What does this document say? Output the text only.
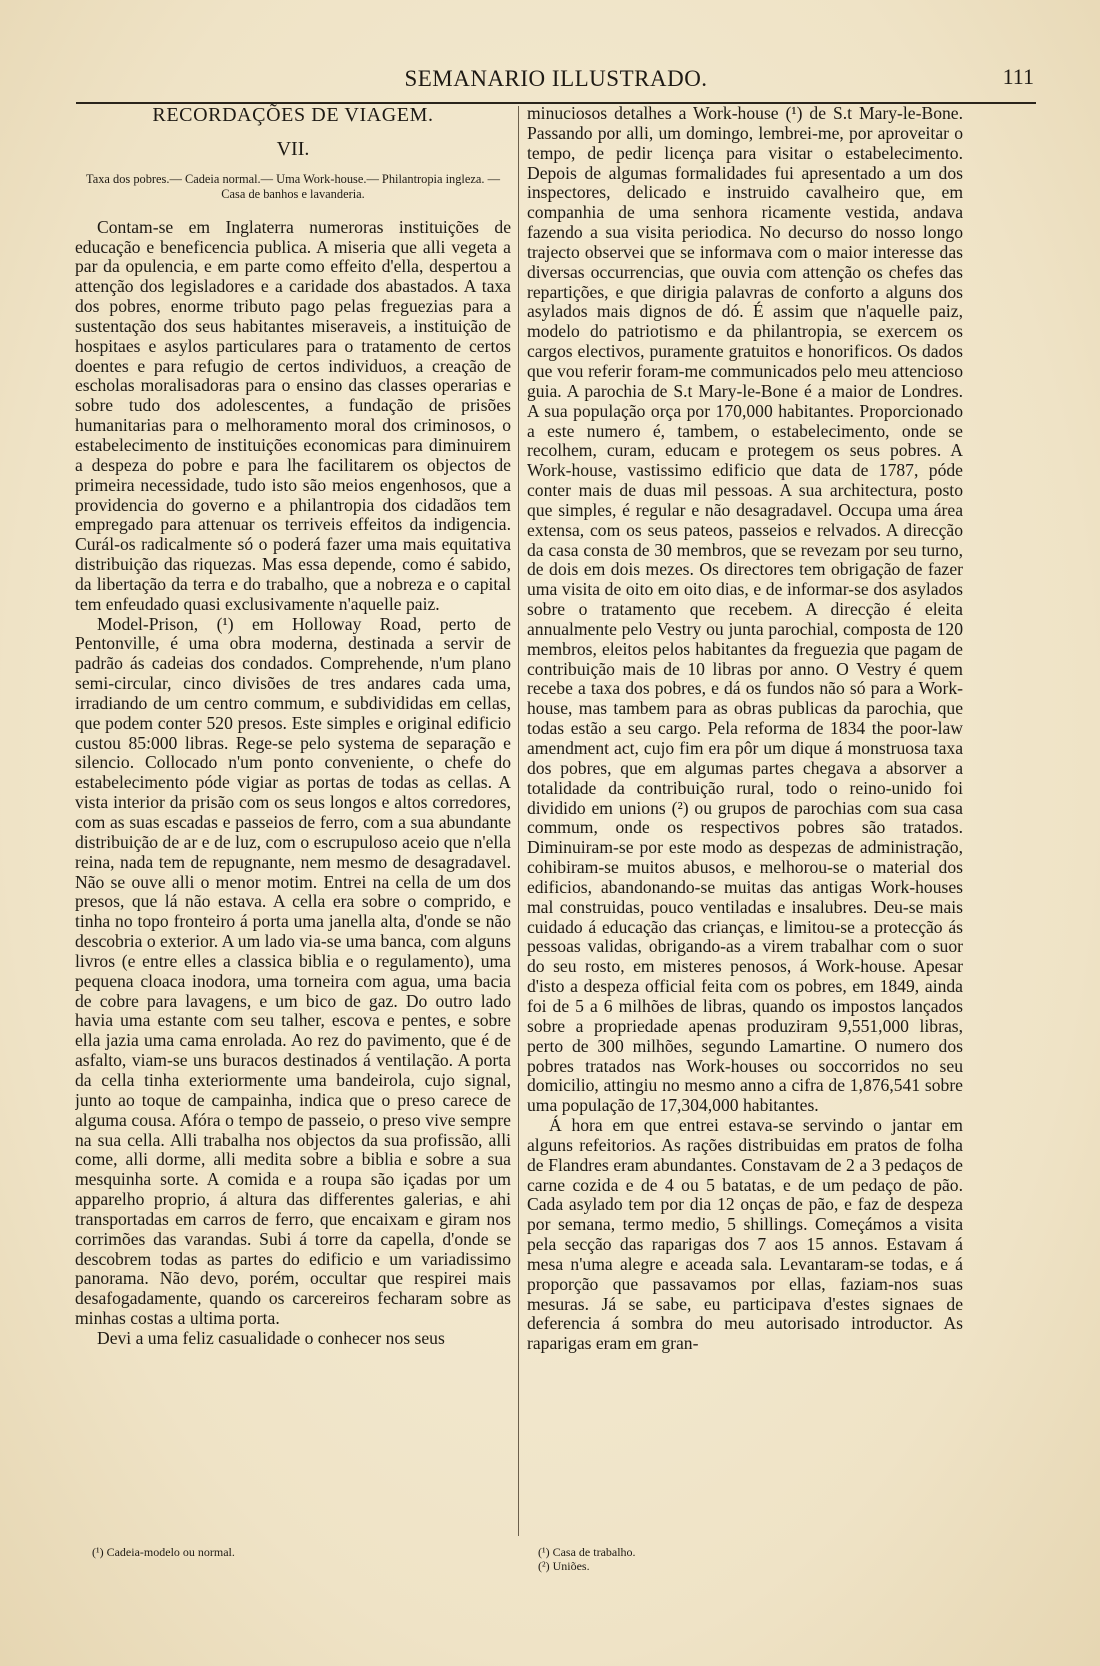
SEMANARIO ILLUSTRADO.	111
RECORDAÇÕES DE VIAGEM.
VII.
Taxa dos pobres.— Cadeia normal.— Uma Work-house.— Philantropia ingleza. — Casa de banhos e lavanderia.

Contam-se em Inglaterra numeroras instituições de educação e beneficencia publica. A miseria que alli vegeta a par da opulencia, e em parte como effeito d'ella, despertou a attenção dos legisladores e a caridade dos abastados. A taxa dos pobres, enorme tributo pago pelas freguezias para a sustentação dos seus habitantes miseraveis, a instituição de hospitaes e asylos particulares para o tratamento de certos doentes e para refugio de certos individuos, a creação de escholas moralisadoras para o ensino das classes operarias e sobre tudo dos adolescentes, a fundação de prisões humanitarias para o melhoramento moral dos criminosos, o estabelecimento de instituições economicas para diminuirem a despeza do pobre e para lhe facilitarem os objectos de primeira necessidade, tudo isto são meios engenhosos, que a providencia do governo e a philantropia dos cidadãos tem empregado para attenuar os terriveis effeitos da indigencia. Curál-os radicalmente só o poderá fazer uma mais equitativa distribuição das riquezas. Mas essa depende, como é sabido, da libertação da terra e do trabalho, que a nobreza e o capital tem enfeudado quasi exclusivamente n'aquelle paiz.

Model-Prison, (¹) em Holloway Road, perto de Pentonville, é uma obra moderna, destinada a servir de padrão ás cadeias dos condados. Comprehende, n'um plano semi-circular, cinco divisões de tres andares cada uma, irradiando de um centro commum, e subdivididas em cellas, que podem conter 520 presos. Este simples e original edificio custou 85:000 libras. Rege-se pelo systema de separação e silencio. Collocado n'um ponto conveniente, o chefe do estabelecimento póde vigiar as portas de todas as cellas. A vista interior da prisão com os seus longos e altos corredores, com as suas escadas e passeios de ferro, com a sua abundante distribuição de ar e de luz, com o escrupuloso aceio que n'ella reina, nada tem de repugnante, nem mesmo de desagradavel. Não se ouve alli o menor motim. Entrei na cella de um dos presos, que lá não estava. A cella era sobre o comprido, e tinha no topo fronteiro á porta uma janella alta, d'onde se não descobria o exterior. A um lado via-se uma banca, com alguns livros (e entre elles a classica biblia e o regulamento), uma pequena cloaca inodora, uma torneira com agua, uma bacia de cobre para lavagens, e um bico de gaz. Do outro lado havia uma estante com seu talher, escova e pentes, e sobre ella jazia uma cama enrolada. Ao rez do pavimento, que é de asfalto, viam-se uns buracos destinados á ventilação. A porta da cella tinha exteriormente uma bandeirola, cujo signal, junto ao toque de campainha, indica que o preso carece de alguma cousa. Afóra o tempo de passeio, o preso vive sempre na sua cella. Alli trabalha nos objectos da sua profissão, alli come, alli dorme, alli medita sobre a biblia e sobre a sua mesquinha sorte. A comida e a roupa são içadas por um apparelho proprio, á altura das differentes galerias, e ahi transportadas em carros de ferro, que encaixam e giram nos corrimões das varandas. Subi á torre da capella, d'onde se descobrem todas as partes do edificio e um variadissimo panorama. Não devo, porém, occultar que respirei mais desafogadamente, quando os carcereiros fecharam sobre as minhas costas a ultima porta.

Devi a uma feliz casualidade o conhecer nos seus

minuciosos detalhes a Work-house (¹) de S.t Mary-le-Bone. Passando por alli, um domingo, lembrei-me, por aproveitar o tempo, de pedir licença para visitar o estabelecimento. Depois de algumas formalidades fui apresentado a um dos inspectores, delicado e instruido cavalheiro que, em companhia de uma senhora ricamente vestida, andava fazendo a sua visita periodica. No decurso do nosso longo trajecto observei que se informava com o maior interesse das diversas occurrencias, que ouvia com attenção os chefes das repartições, e que dirigia palavras de conforto a alguns dos asylados mais dignos de dó. É assim que n'aquelle paiz, modelo do patriotismo e da philantropia, se exercem os cargos electivos, puramente gratuitos e honorificos. Os dados que vou referir foram-me communicados pelo meu attencioso guia. A parochia de S.t Mary-le-Bone é a maior de Londres. A sua população orça por 170,000 habitantes. Proporcionado a este numero é, tambem, o estabelecimento, onde se recolhem, curam, educam e protegem os seus pobres. A Work-house, vastissimo edificio que data de 1787, póde conter mais de duas mil pessoas. A sua architectura, posto que simples, é regular e não desagradavel. Occupa uma área extensa, com os seus pateos, passeios e relvados. A direcção da casa consta de 30 membros, que se revezam por seu turno, de dois em dois mezes. Os directores tem obrigação de fazer uma visita de oito em oito dias, e de informar-se dos asylados sobre o tratamento que recebem. A direcção é eleita annualmente pelo Vestry ou junta parochial, composta de 120 membros, eleitos pelos habitantes da freguezia que pagam de contribuição mais de 10 libras por anno. O Vestry é quem recebe a taxa dos pobres, e dá os fundos não só para a Work-house, mas tambem para as obras publicas da parochia, que todas estão a seu cargo. Pela reforma de 1834 the poor-law amendment act, cujo fim era pôr um dique á monstruosa taxa dos pobres, que em algumas partes chegava a absorver a totalidade da contribuição rural, todo o reino-unido foi dividido em unions (²) ou grupos de parochias com sua casa commum, onde os respectivos pobres são tratados. Diminuiram-se por este modo as despezas de administração, cohibiram-se muitos abusos, e melhorou-se o material dos edificios, abandonando-se muitas das antigas Work-houses mal construidas, pouco ventiladas e insalubres. Deu-se mais cuidado á educação das crianças, e limitou-se a protecção ás pessoas validas, obrigando-as a virem trabalhar com o suor do seu rosto, em misteres penosos, á Work-house. Apesar d'isto a despeza official feita com os pobres, em 1849, ainda foi de 5 a 6 milhões de libras, quando os impostos lançados sobre a propriedade apenas produziram 9,551,000 libras, perto de 300 milhões, segundo Lamartine. O numero dos pobres tratados nas Work-houses ou soccorridos no seu domicilio, attingiu no mesmo anno a cifra de 1,876,541 sobre uma população de 17,304,000 habitantes.

Á hora em que entrei estava-se servindo o jantar em alguns refeitorios. As rações distribuidas em pratos de folha de Flandres eram abundantes. Constavam de 2 a 3 pedaços de carne cozida e de 4 ou 5 batatas, e de um pedaço de pão. Cada asylado tem por dia 12 onças de pão, e faz de despeza por semana, termo medio, 5 shillings. Começámos a visita pela secção das raparigas dos 7 aos 15 annos. Estavam á mesa n'uma alegre e aceada sala. Levantaram-se todas, e á proporção que passavamos por ellas, faziam-nos suas mesuras. Já se sabe, eu participava d'estes signaes de deferencia á sombra do meu autorisado introductor. As raparigas eram em gran-

(¹) Cadeia-modelo ou normal.	(¹) Casa de trabalho.
(²) Uniões.
